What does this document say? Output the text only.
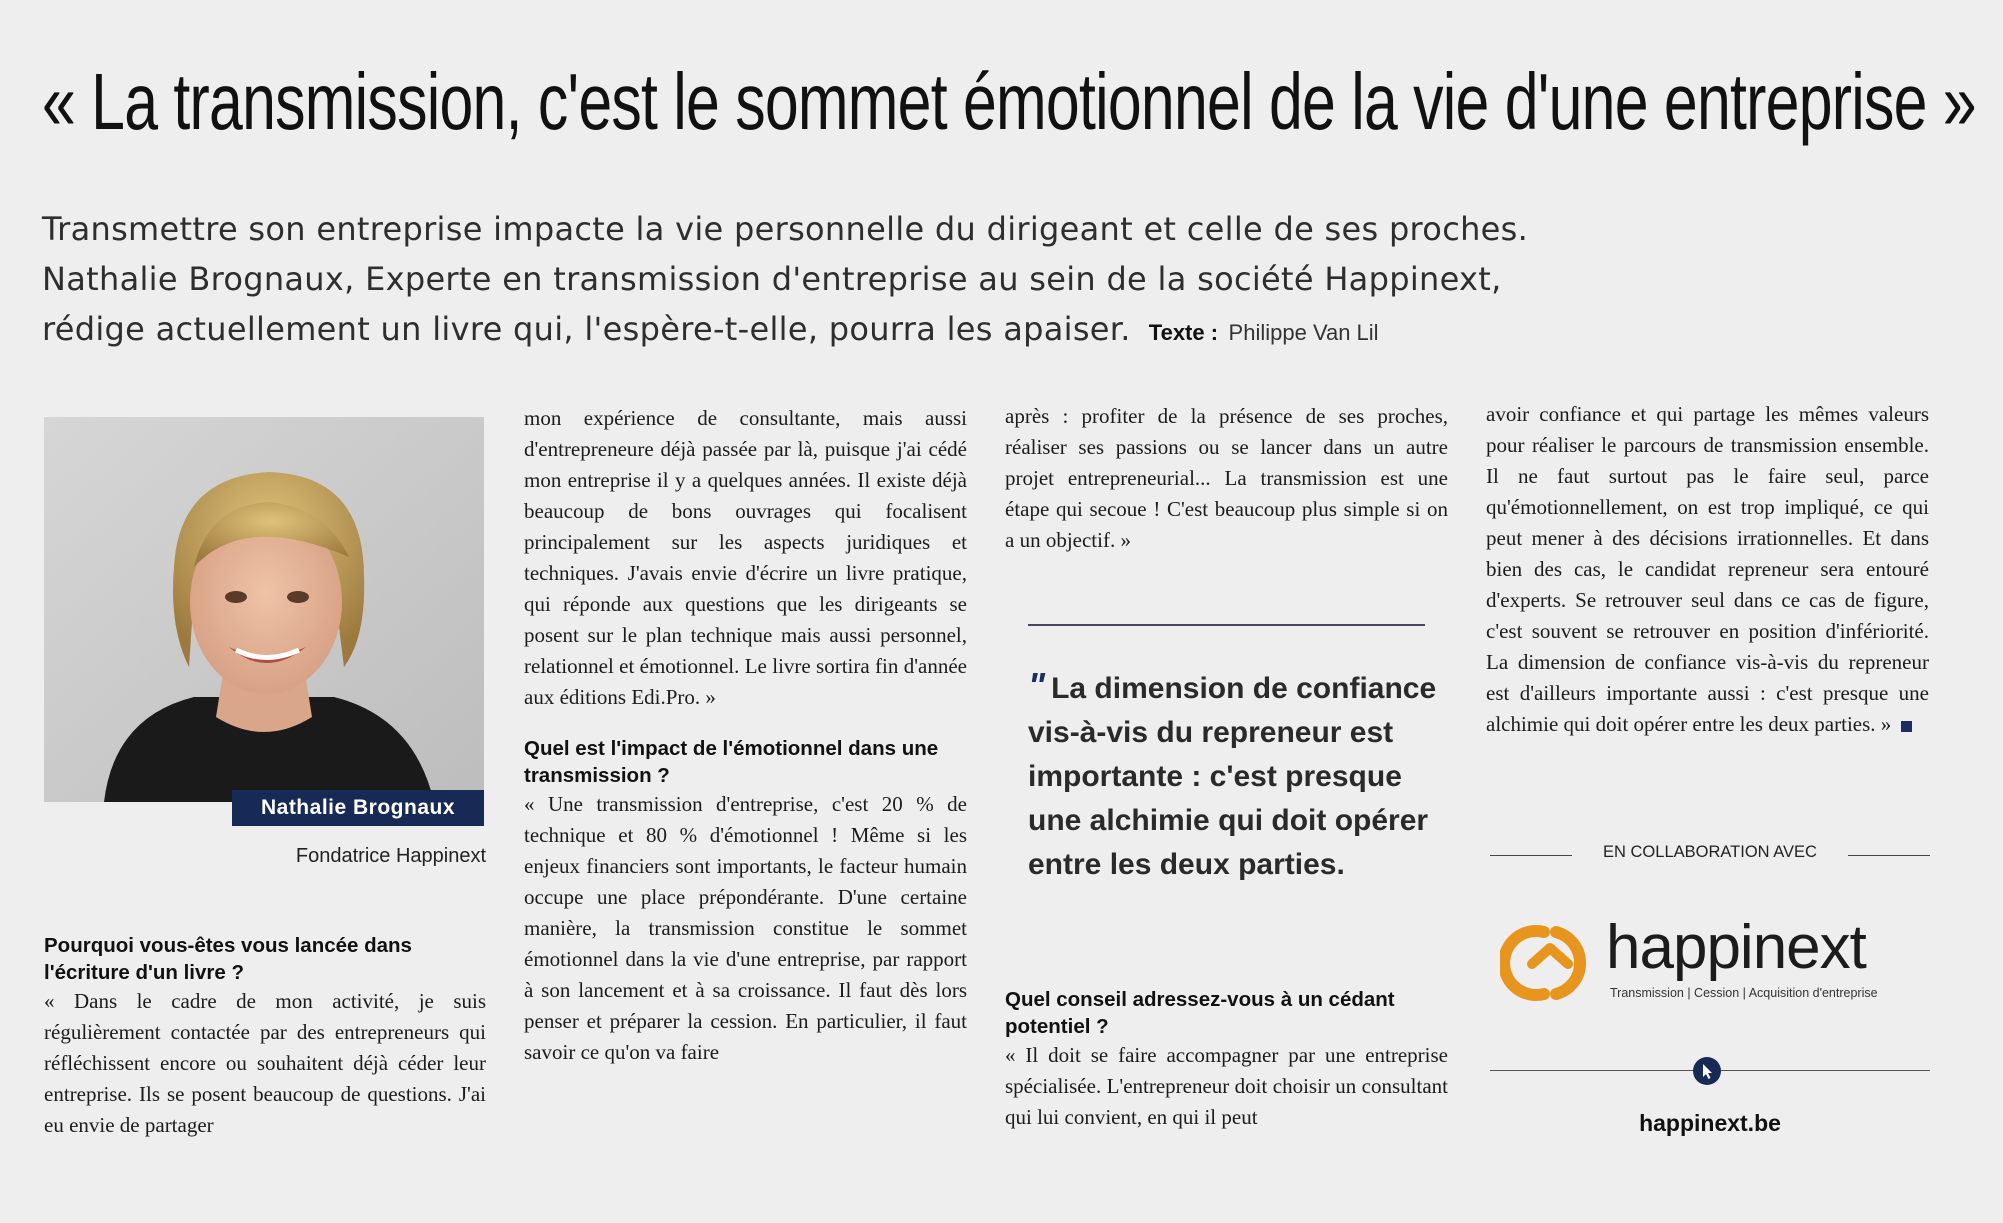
« La transmission, c'est le sommet émotionnel de la vie d'une entreprise »
Transmettre son entreprise impacte la vie personnelle du dirigeant et celle de ses proches.
Nathalie Brognaux, Experte en transmission d'entreprise au sein de la société Happinext,
rédige actuellement un livre qui, l'espère-t-elle, pourra les apaiser. Texte : Philippe Van Lil
Nathalie Brognaux
Fondatrice Happinext

Pourquoi vous-êtes vous lancée dans l'écriture d'un livre ?

« Dans le cadre de mon activité, je suis régulièrement contactée par des entrepreneurs qui réfléchissent encore ou souhaitent déjà céder leur entreprise. Ils se posent beaucoup de questions. J'ai eu envie de partager

mon expérience de consultante, mais aussi d'entrepreneure déjà passée par là, puisque j'ai cédé mon entreprise il y a quelques années. Il existe déjà beaucoup de bons ouvrages qui focalisent principalement sur les aspects juridiques et techniques. J'avais envie d'écrire un livre pratique, qui réponde aux questions que les dirigeants se posent sur le plan technique mais aussi personnel, relationnel et émotionnel. Le livre sortira fin d'année aux éditions Edi.Pro. »

Quel est l'impact de l'émotionnel dans une transmission ?

« Une transmission d'entreprise, c'est 20 % de technique et 80 % d'émotionnel ! Même si les enjeux financiers sont importants, le facteur humain occupe une place prépondérante. D'une certaine manière, la transmission constitue le sommet émotionnel dans la vie d'une entreprise, par rapport à son lancement et à sa croissance. Il faut dès lors penser et préparer la cession. En particulier, il faut savoir ce qu'on va faire

après : profiter de la présence de ses proches, réaliser ses passions ou se lancer dans un autre projet entrepreneurial... La transmission est une étape qui secoue ! C'est beaucoup plus simple si on a un objectif. »

" La dimension de confiance vis-à-vis du repreneur est importante : c'est presque une alchimie qui doit opérer entre les deux parties.

Quel conseil adressez-vous à un cédant potentiel ?

« Il doit se faire accompagner par une entreprise spécialisée. L'entrepreneur doit choisir un consultant qui lui convient, en qui il peut

avoir confiance et qui partage les mêmes valeurs pour réaliser le parcours de transmission ensemble. Il ne faut surtout pas le faire seul, parce qu'émotionnellement, on est trop impliqué, ce qui peut mener à des décisions irrationnelles. Et dans bien des cas, le candidat repreneur sera entouré d'experts. Se retrouver seul dans ce cas de figure, c'est souvent se retrouver en position d'infériorité. La dimension de confiance vis-à-vis du repreneur est d'ailleurs importante aussi : c'est presque une alchimie qui doit opérer entre les deux parties. »

EN COLLABORATION AVEC
happinext
Transmission | Cession | Acquisition d'entreprise
happinext.be
